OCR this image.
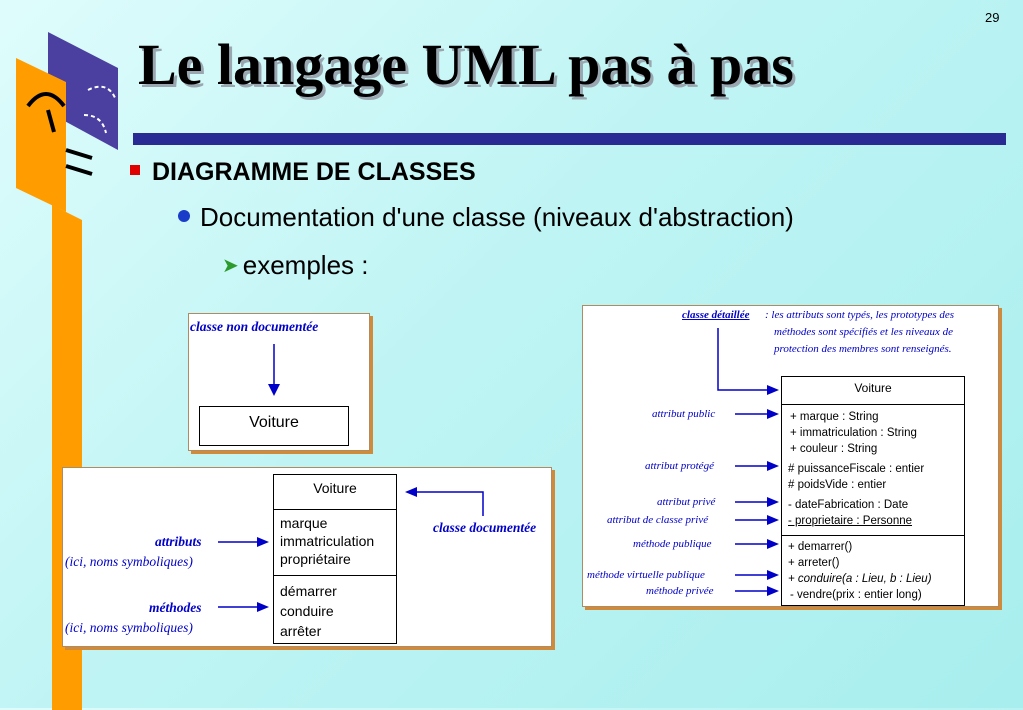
29
Le langage UML pas à pas
DIAGRAMME DE CLASSES
Documentation d'une classe (niveaux d'abstraction)
➤ exemples :
classe non documentée
Voiture
Voiture
marque
immatriculation
propriétaire
démarrer
conduire
arrêter
attributs
(ici, noms symboliques)
méthodes
(ici, noms symboliques)
classe documentée
classe détaillée : les attributs sont typés, les prototypes des
méthodes sont spécifiés et les niveaux de
protection des membres sont renseignés.
Voiture
+ marque : String
+ immatriculation : String
+ couleur : String
# puissanceFiscale : entier
# poidsVide : entier
- dateFabrication : Date
- proprietaire : Personne
+ demarrer()
+ arreter()
+ conduire(a : Lieu, b : Lieu)
- vendre(prix : entier long)
attribut public
attribut protégé
attribut privé
attribut de classe privé
méthode publique
méthode virtuelle publique
méthode privée
